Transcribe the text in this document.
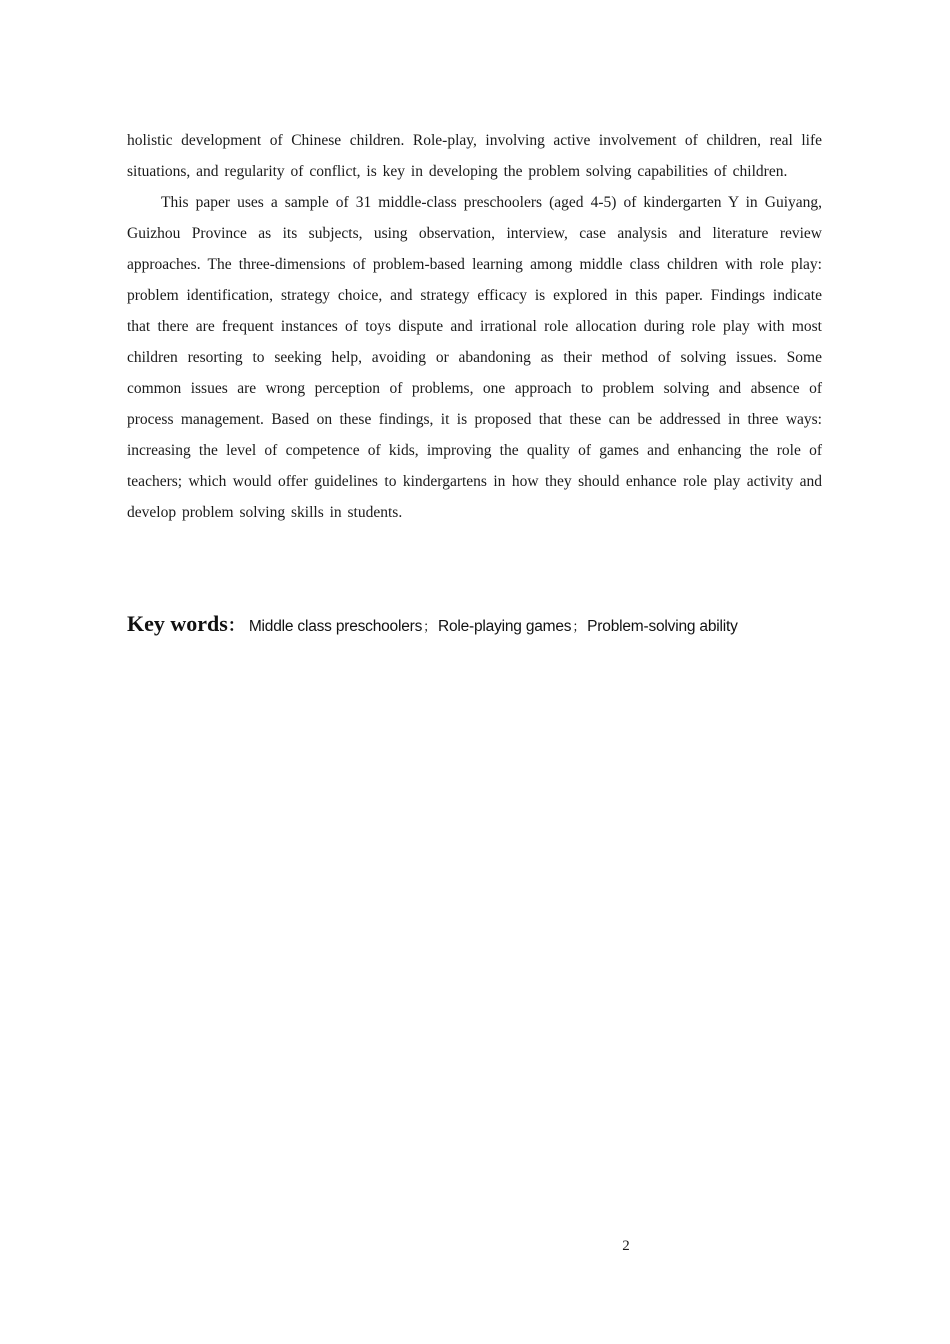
holistic development of Chinese children. Role-play, involving active involvement of children, real life situations, and regularity of conflict, is key in developing the problem solving capabilities of children.

This paper uses a sample of 31 middle-class preschoolers (aged 4-5) of kindergarten Y in Guiyang, Guizhou Province as its subjects, using observation, interview, case analysis and literature review approaches. The three-dimensions of problem-based learning among middle class children with role play: problem identification, strategy choice, and strategy efficacy is explored in this paper. Findings indicate that there are frequent instances of toys dispute and irrational role allocation during role play with most children resorting to seeking help, avoiding or abandoning as their method of solving issues. Some common issues are wrong perception of problems, one approach to problem solving and absence of process management. Based on these findings, it is proposed that these can be addressed in three ways: increasing the level of competence of kids, improving the quality of games and enhancing the role of teachers; which would offer guidelines to kindergartens in how they should enhance role play activity and develop problem solving skills in students.

Key words： Middle class preschoolers； Role-playing games； Problem-solving ability
2
